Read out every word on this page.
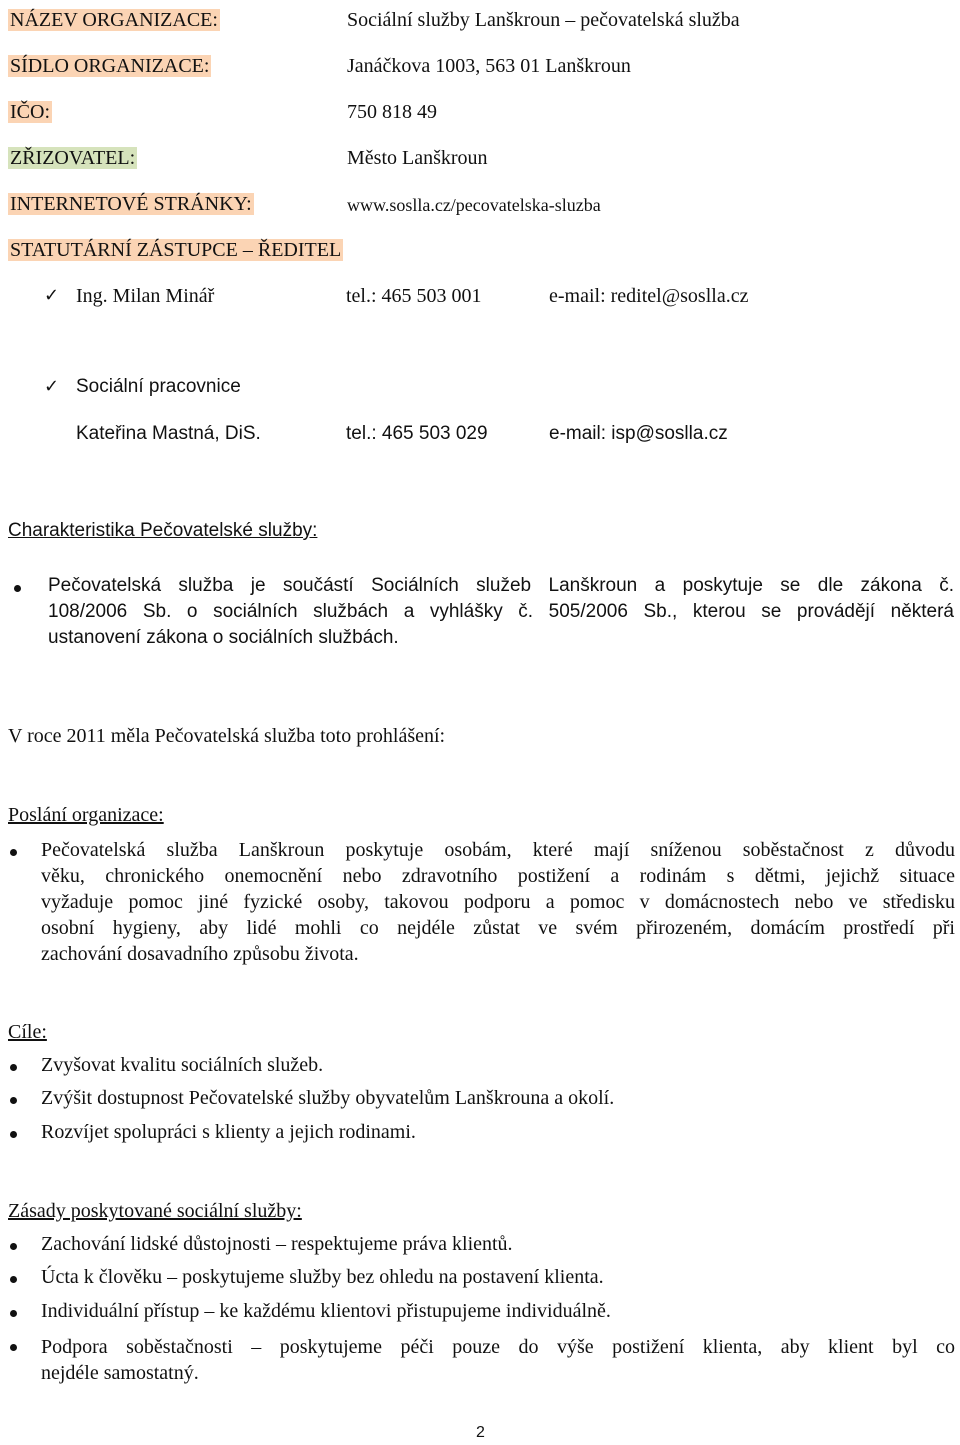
NÁZEV ORGANIZACE:	Sociální služby Lanškroun – pečovatelská služba
SÍDLO ORGANIZACE:	Janáčkova 1003, 563 01 Lanškroun
IČO:	750 818 49
ZŘIZOVATEL:	Město Lanškroun
INTERNETOVÉ STRÁNKY:	www.soslla.cz/pecovatelska-sluzba
STATUTÁRNÍ ZÁSTUPCE – ŘEDITEL
✓ Ing. Milan Minář	tel.: 465 503 001	e-mail: reditel@soslla.cz
✓ Sociální pracovnice
Kateřina Mastná, DiS.	tel.: 465 503 029	e-mail: isp@soslla.cz
Charakteristika Pečovatelské služby:
Pečovatelská služba je součástí Sociálních služeb Lanškroun a poskytuje se dle zákona č.
108/2006 Sb. o sociálních službách a vyhlášky č. 505/2006 Sb., kterou se provádějí některá
ustanovení zákona o sociálních službách.
V roce 2011 měla Pečovatelská služba toto prohlášení:
Poslání organizace:
Pečovatelská služba Lanškroun poskytuje osobám, které mají sníženou soběstačnost z důvodu
věku, chronického onemocnění nebo zdravotního postižení a rodinám s dětmi, jejichž situace
vyžaduje pomoc jiné fyzické osoby, takovou podporu a pomoc v domácnostech nebo ve středisku
osobní hygieny, aby lidé mohli co nejdéle zůstat ve svém přirozeném, domácím prostředí při
zachování dosavadního způsobu života.
Cíle:
Zvyšovat kvalitu sociálních služeb.
Zvýšit dostupnost Pečovatelské služby obyvatelům Lanškrouna a okolí.
Rozvíjet spolupráci s klienty a jejich rodinami.
Zásady poskytované sociální služby:
Zachování lidské důstojnosti – respektujeme práva klientů.
Úcta k člověku – poskytujeme služby bez ohledu na postavení klienta.
Individuální přístup – ke každému klientovi přistupujeme individuálně.
Podpora soběstačnosti – poskytujeme péči pouze do výše postižení klienta, aby klient byl co
nejdéle samostatný.
2
